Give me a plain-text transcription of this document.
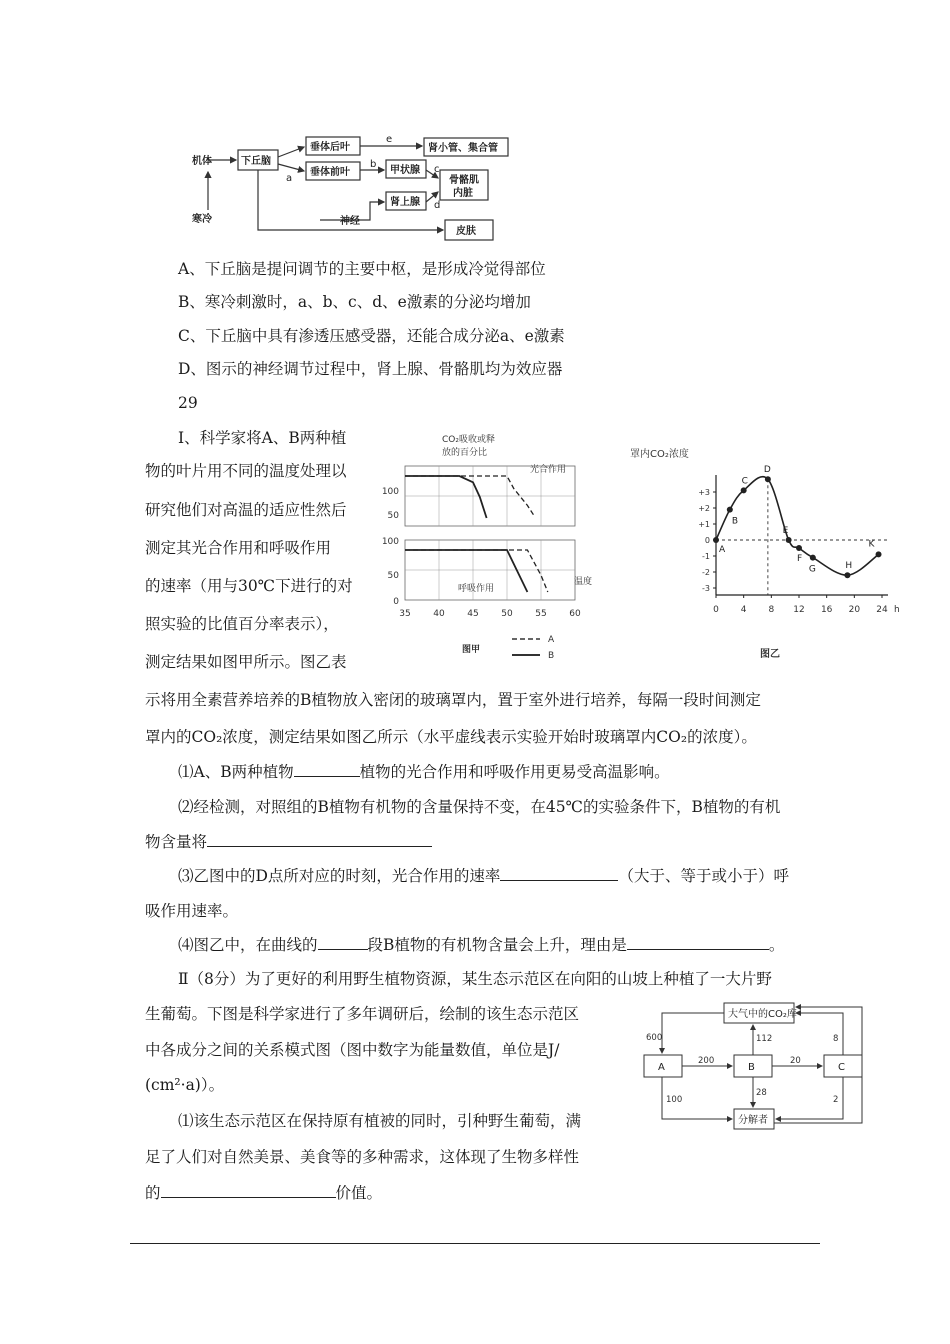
机体
寒冷
下丘脑
垂体后叶
垂体前叶
肾小管、集合管
甲状腺
肾上腺
骨骼肌
内脏
神经
皮肤
a
b	c
d
e
A、下丘脑是提问调节的主要中枢，是形成冷觉得部位
B、寒冷刺激时，a、b、c、d、e激素的分泌均增加
C、下丘脑中具有渗透压感受器，还能合成分泌a、e激素
D、图示的神经调节过程中，肾上腺、骨骼肌均为效应器
29
Ⅰ、科学家将A、B两种植
物的叶片用不同的温度处理以
研究他们对高温的适应性然后
测定其光合作用和呼吸作用
的速率（用与30℃下进行的对
照实验的比值百分率表示），
测定结果如图甲所示。图乙表
CO₂吸收或释
放的百分比
光合作用
呼吸作用
温度
图甲
A
B
100
50
100
50
0
35	40	45	50	55	60
罩内CO₂浓度
图乙
+3
+2
+1
0
-1
-2
-3
0 4 8 12 16 20 24 h
A
B
C
D
E
F
G	H
K
示将用全素营养培养的B植物放入密闭的玻璃罩内，置于室外进行培养，每隔一段时间测定
罩内的CO₂浓度，测定结果如图乙所示（水平虚线表示实验开始时玻璃罩内CO₂的浓度）。
⑴A、B两种植物	植物的光合作用和呼吸作用更易受高温影响。
⑵经检测，对照组的B植物有机物的含量保持不变，在45℃的实验条件下，B植物的有机
物含量将
⑶乙图中的D点所对应的时刻，光合作用的速率	（大于、等于或小于）呼
吸作用速率。
⑷图乙中，在曲线的	段B植物的有机物含量会上升，理由是	。
Ⅱ（8分）为了更好的利用野生植物资源，某生态示范区在向阳的山坡上种植了一大片野
生葡萄。下图是科学家进行了多年调研后，绘制的该生态示范区
中各成分之间的关系模式图（图中数字为能量数值，单位是J/
(cm²·a)）。
⑴该生态示范区在保持原有植被的同时，引种野生葡萄，满
足了人们对自然美景、美食等的多种需求，这体现了生物多样性
的	价值。
大气中的CO₂库
A	B	C
分解者
600
200	20
112	8
100
28
2
